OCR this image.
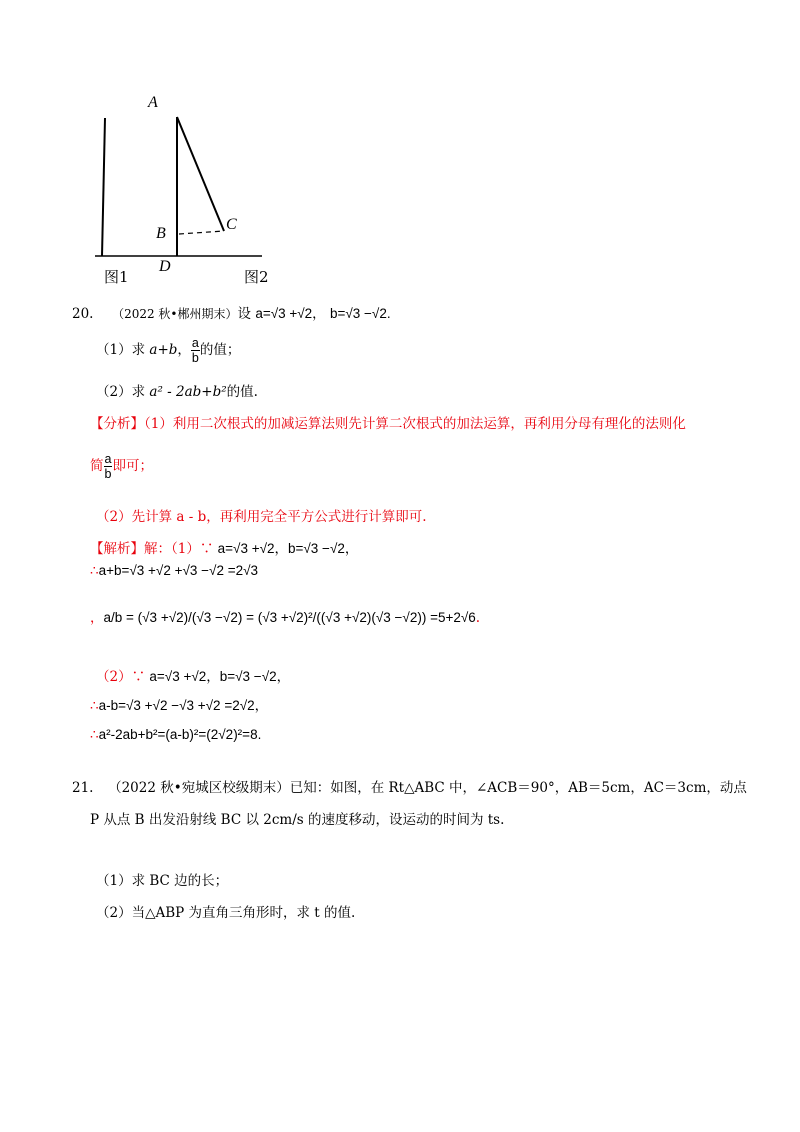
A
B
C
D
图1	图2
20. （2022 秋•郴州期末）设 a=√3 +√2， b=√3 −√2.
（1）求 a+b， $\frac{a}{b}$ 的值；
（2）求 a² - 2ab+b²的值.
【分析】（1）利用二次根式的加减运算法则先计算二次根式的加法运算，再利用分母有理化的法则化
简 $\frac{a}{b}$ 即可；
（2）先计算 a - b，再利用完全平方公式进行计算即可.
【解析】解：（1）∵ a=√3 +√2，b=√3 −√2，
∴a+b=√3 +√2 +√3 −√2 =2√3
，a/b = (√3 +√2)/(√3 −√2) = (√3 +√2)²/((√3 +√2)(√3 −√2)) =5+2√6.
（2）∵ a=√3 +√2，b=√3 −√2，
∴a-b=√3 +√2 −√3 +√2 =2√2，
∴a²-2ab+b²=(a-b)²=(2√2)²=8.
21. （2022 秋•宛城区校级期末）已知：如图，在 Rt△ABC 中，∠ACB＝90°，AB＝5cm，AC＝3cm，动点
P 从点 B 出发沿射线 BC 以 2cm/s 的速度移动，设运动的时间为 ts.
（1）求 BC 边的长；
（2）当△ABP 为直角三角形时，求 t 的值.
